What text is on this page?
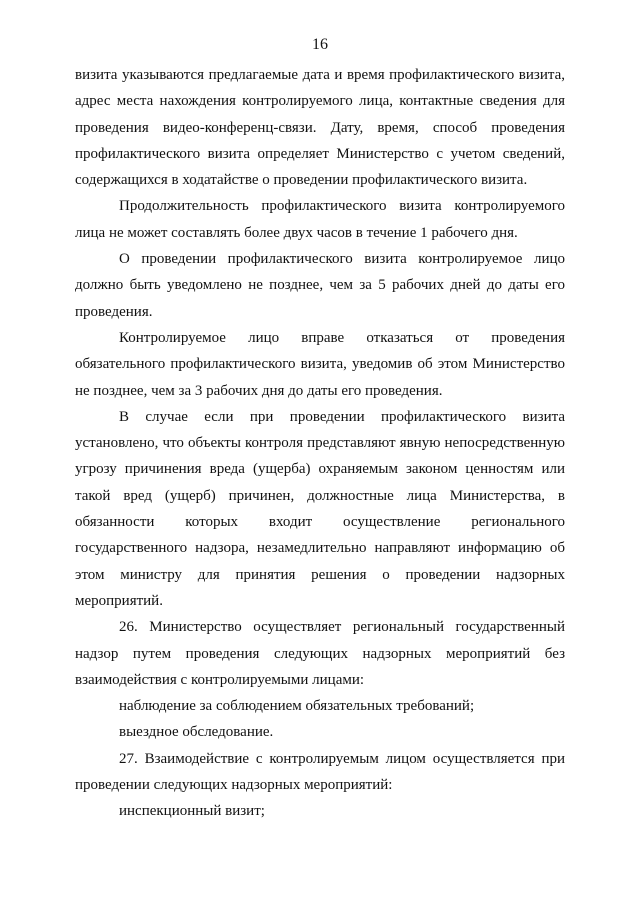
16

визита указываются предлагаемые дата и время профилактического визита, адрес места нахождения контролируемого лица, контактные сведения для проведения видео-конференц-связи. Дату, время, способ проведения профилактического визита определяет Министерство с учетом сведений, содержащихся в ходатайстве о проведении профилактического визита.

Продолжительность профилактического визита контролируемого лица не может составлять более двух часов в течение 1 рабочего дня.

О проведении профилактического визита контролируемое лицо должно быть уведомлено не позднее, чем за 5 рабочих дней до даты его проведения.

Контролируемое лицо вправе отказаться от проведения обязательного профилактического визита, уведомив об этом Министерство не позднее, чем за 3 рабочих дня до даты его проведения.

В случае если при проведении профилактического визита установлено, что объекты контроля представляют явную непосредственную угрозу причинения вреда (ущерба) охраняемым законом ценностям или такой вред (ущерб) причинен, должностные лица Министерства, в обязанности которых входит осуществление регионального государственного надзора, незамедлительно направляют информацию об этом министру для принятия решения о проведении надзорных мероприятий.

26. Министерство осуществляет региональный государственный надзор путем проведения следующих надзорных мероприятий без взаимодействия с контролируемыми лицами:

наблюдение за соблюдением обязательных требований;

выездное обследование.

27. Взаимодействие с контролируемым лицом осуществляется при проведении следующих надзорных мероприятий:

инспекционный визит;
